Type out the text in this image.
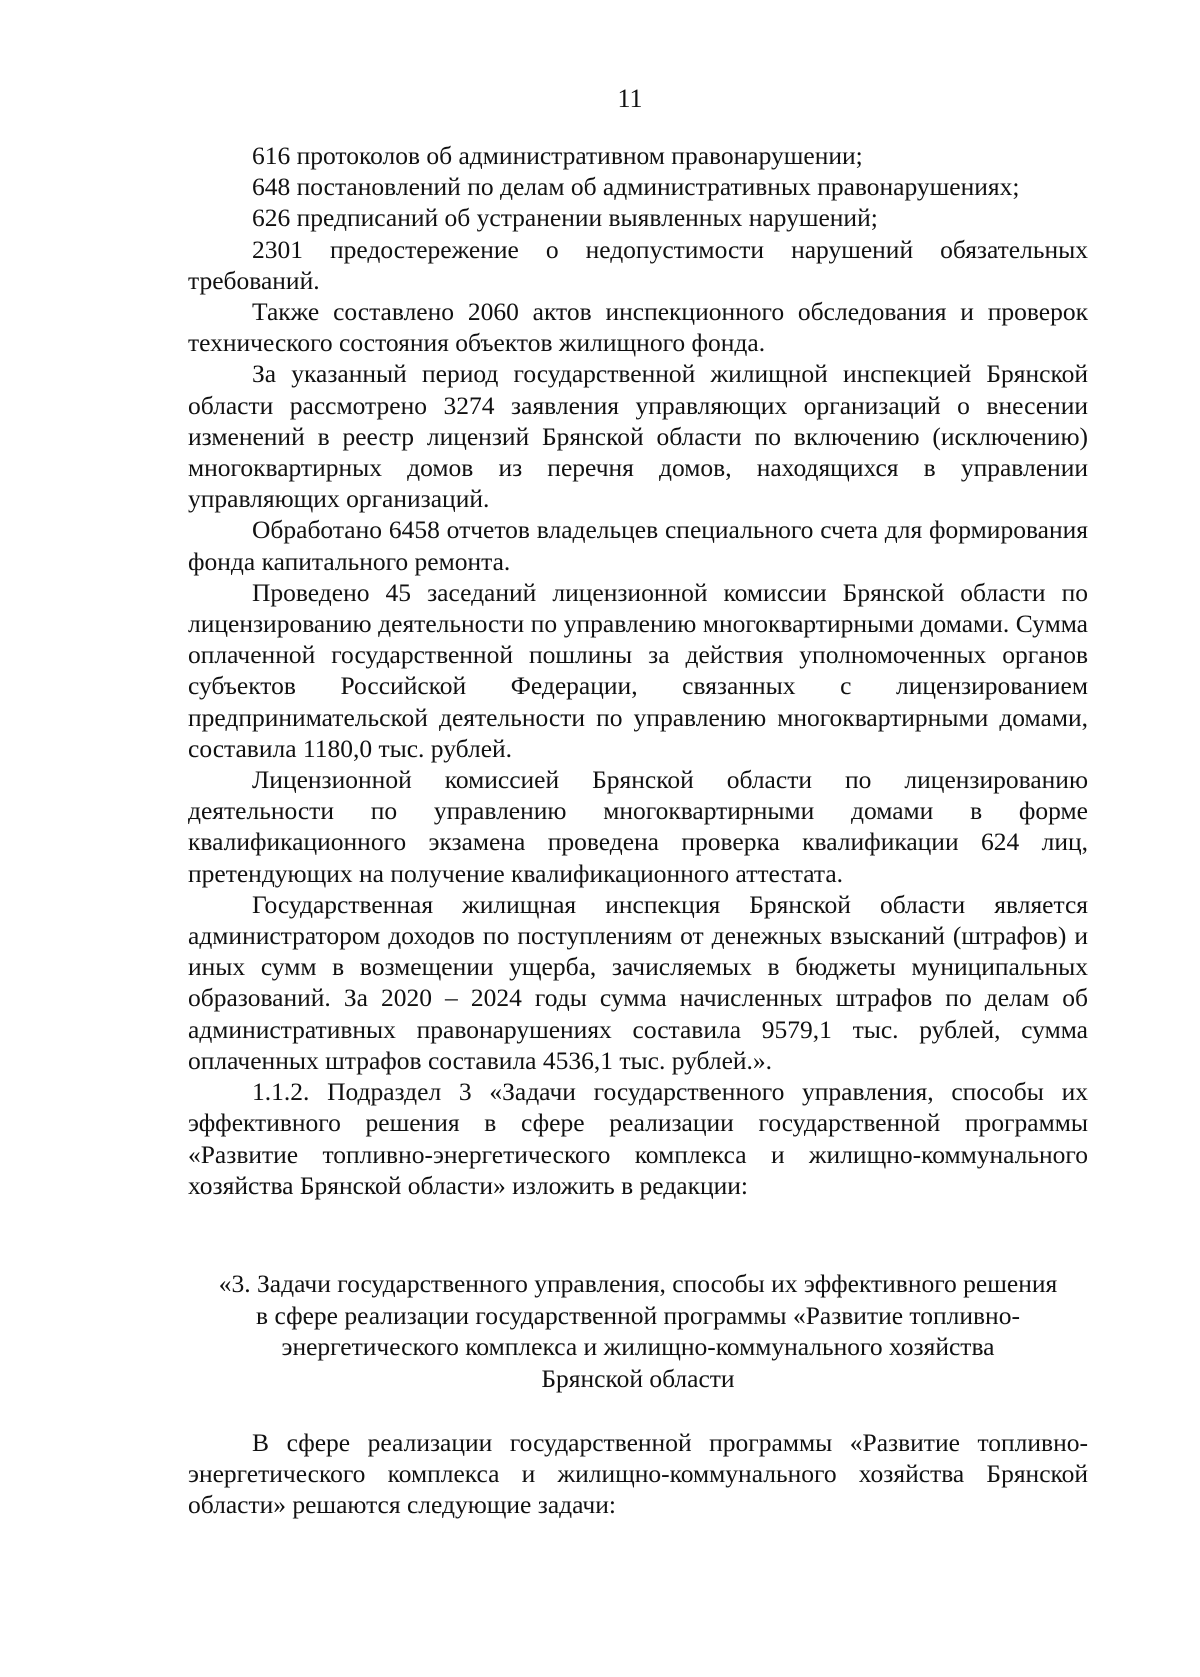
11

616 протоколов об административном правонарушении;

648 постановлений по делам об административных правонарушениях;

626 предписаний об устранении выявленных нарушений;

2301 предостережение о недопустимости нарушений обязательных требований.

Также составлено 2060 актов инспекционного обследования и проверок технического состояния объектов жилищного фонда.

За указанный период государственной жилищной инспекцией Брянской области рассмотрено 3274 заявления управляющих организаций о внесении изменений в реестр лицензий Брянской области по включению (исключению) многоквартирных домов из перечня домов, находящихся в управлении управляющих организаций.

Обработано 6458 отчетов владельцев специального счета для формирования фонда капитального ремонта.

Проведено 45 заседаний лицензионной комиссии Брянской области по лицензированию деятельности по управлению многоквартирными домами. Сумма оплаченной государственной пошлины за действия уполномоченных органов субъектов Российской Федерации, связанных с лицензированием предпринимательской деятельности по управлению многоквартирными домами, составила 1180,0 тыс. рублей.

Лицензионной комиссией Брянской области по лицензированию деятельности по управлению многоквартирными домами в форме квалификационного экзамена проведена проверка квалификации 624 лиц, претендующих на получение квалификационного аттестата.

Государственная жилищная инспекция Брянской области является администратором доходов по поступлениям от денежных взысканий (штрафов) и иных сумм в возмещении ущерба, зачисляемых в бюджеты муниципальных образований. За 2020 – 2024 годы сумма начисленных штрафов по делам об административных правонарушениях составила 9579,1 тыс. рублей, сумма оплаченных штрафов составила 4536,1 тыс. рублей.».

1.1.2. Подраздел 3 «Задачи государственного управления, способы их эффективного решения в сфере реализации государственной программы «Развитие топливно-энергетического комплекса и жилищно-коммунального хозяйства Брянской области» изложить в редакции:

«3. Задачи государственного управления, способы их эффективного решения
в сфере реализации государственной программы «Развитие топливно-
энергетического комплекса и жилищно-коммунального хозяйства
Брянской области

В сфере реализации государственной программы «Развитие топливно-энергетического комплекса и жилищно-коммунального хозяйства Брянской области» решаются следующие задачи:
